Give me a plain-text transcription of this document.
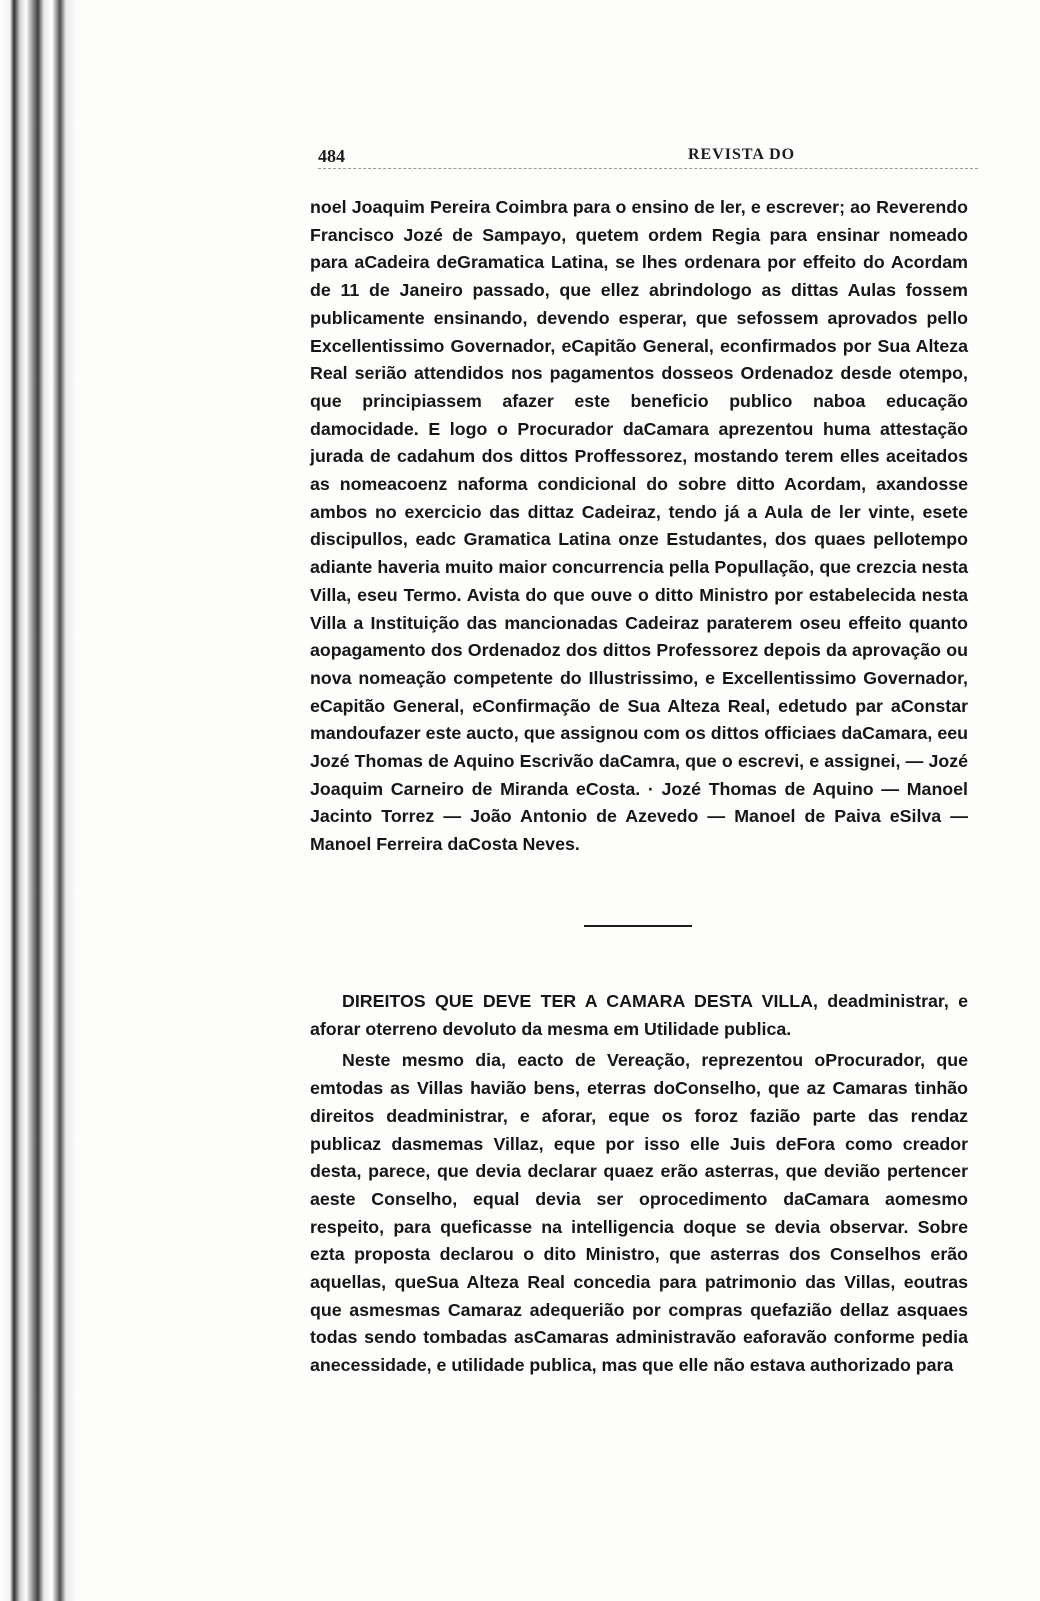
484	REVISTA DO

noel Joaquim Pereira Coimbra para o ensino de ler, e escrever; ao Reverendo Francisco Jozé de Sampayo, quetem ordem Regia para ensinar nomeado para aCadeira deGramatica Latina, se lhes ordenara por effeito do Acordam de 11 de Janeiro passado, que ellez abrindologo as dittas Aulas fossem publicamente ensinando, devendo esperar, que sefossem aprovados pello Excellentissimo Governador, eCapitão General, econfirmados por Sua Alteza Real serião attendidos nos pagamentos dosseos Ordenadoz desde otempo, que principiassem afazer este beneficio publico naboa educação damocidade. E logo o Procurador daCamara aprezentou huma attestação jurada de cadahum dos dittos Proffessorez, mostando terem elles aceitados as nomeacoenz naforma condicional do sobre ditto Acordam, axandosse ambos no exercicio das dittaz Cadeiraz, tendo já a Aula de ler vinte, esete discipullos, eadc Gramatica Latina onze Estudantes, dos quaes pellotempo adiante haveria muito maior concurrencia pella Popullação, que crezcia nesta Villa, eseu Termo. Avista do que ouve o ditto Ministro por estabelecida nesta Villa a Instituição das mancionadas Cadeiraz paraterem oseu effeito quanto aopagamento dos Ordenadoz dos dittos Professorez depois da aprovação ou nova nomeação competente do Illustrissimo, e Excellentissimo Governador, eCapitão General, eConfirmação de Sua Alteza Real, edetudo par aConstar mandoufazer este aucto, que assignou com os dittos officiaes daCamara, eeu Jozé Thomas de Aquino Escrivão daCamra, que o escrevi, e assignei, — Jozé Joaquim Carneiro de Miranda eCosta. · Jozé Thomas de Aquino — Manoel Jacinto Torrez — João Antonio de Azevedo — Manoel de Paiva eSilva — Manoel Ferreira daCosta Neves.

DIREITOS QUE DEVE TER A CAMARA DESTA VILLA, deadministrar, e aforar oterreno devoluto da mesma em Utilidade publica.

Neste mesmo dia, eacto de Vereação, reprezentou oProcurador, que emtodas as Villas havião bens, eterras doConselho, que az Camaras tinhão direitos deadministrar, e aforar, eque os foroz fazião parte das rendaz publicaz dasmemas Villaz, eque por isso elle Juis deFora como creador desta, parece, que devia declarar quaez erão asterras, que devião pertencer aeste Conselho, equal devia ser oprocedimento daCamara aomesmo respeito, para queficasse na intelligencia doque se devia observar. Sobre ezta proposta declarou o dito Ministro, que asterras dos Conselhos erão aquellas, queSua Alteza Real concedia para patrimonio das Villas, eoutras que asmesmas Camaraz adequerião por compras quefazião dellaz asquaes todas sendo tombadas asCamaras administravão eaforavão conforme pedia anecessidade, e utilidade publica, mas que elle não estava authorizado para
